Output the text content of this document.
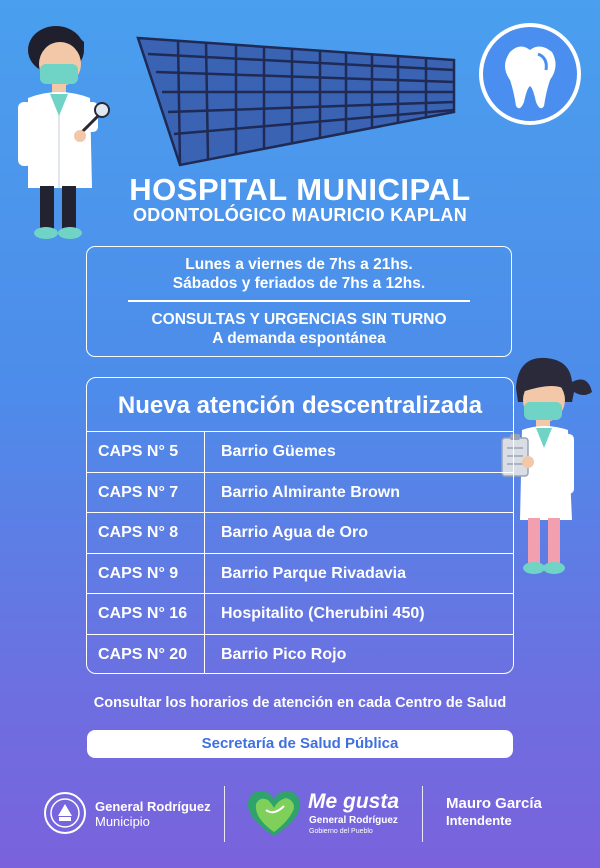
HOSPITAL MUNICIPAL
ODONTOLÓGICO MAURICIO KAPLAN
Lunes a viernes de 7hs a 21hs.
Sábados y feriados de 7hs a 12hs.
CONSULTAS Y URGENCIAS SIN TURNO
A demanda espontánea
Nueva atención descentralizada
CAPS N° 5	Barrio Güemes
CAPS N° 7	Barrio Almirante Brown
CAPS N° 8	Barrio Agua de Oro
CAPS N° 9	Barrio Parque Rivadavia
CAPS N° 16	Hospitalito (Cherubini 450)
CAPS N° 20	Barrio Pico Rojo
Consultar los horarios de atención en cada Centro de Salud
Secretaría de Salud Pública
General Rodríguez
Municipio
Me gusta
General Rodríguez
Gobierno del Pueblo
Mauro García
Intendente
